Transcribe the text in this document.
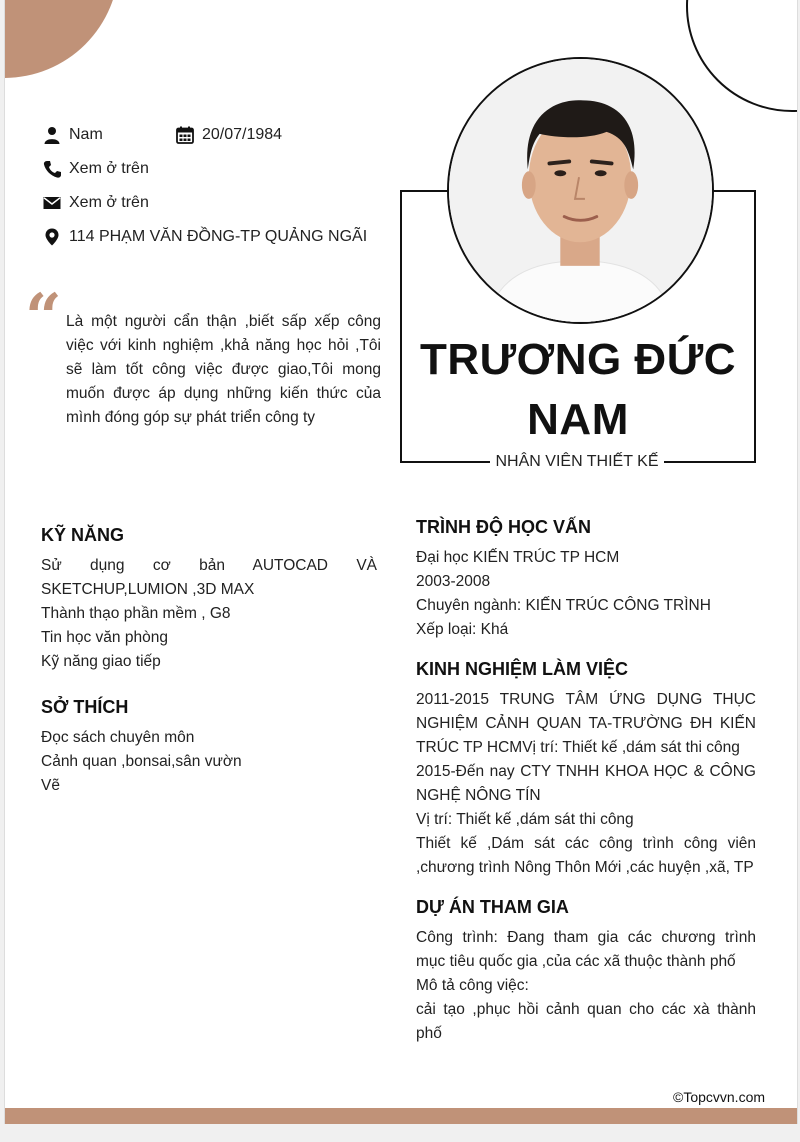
Nam	20/07/1984
Xem ở trên
Xem ở trên
114 PHẠM VĂN ĐỒNG-TP QUẢNG NGÃI
“ Là một người cẩn thận ,biết sấp xếp công việc với kinh nghiệm ,khả năng học hỏi ,Tôi sẽ làm tốt công việc được giao,Tôi mong muốn được áp dụng những kiến thức của mình đóng góp sự phát triển công ty
TRƯƠNG ĐỨC
NAM
NHÂN VIÊN THIẾT KẾ
KỸ NĂNG
Sử dụng cơ bản AUTOCAD VÀ
SKETCHUP,LUMION ,3D MAX
Thành thạo phần mềm , G8
Tin học văn phòng
Kỹ năng giao tiếp
SỞ THÍCH
Đọc sách chuyên môn
Cảnh quan ,bonsai,sân vườn
Vẽ
TRÌNH ĐỘ HỌC VẤN
Đại học KIẾN TRÚC TP HCM
2003-2008
Chuyên ngành: KIẾN TRÚC CÔNG TRÌNH
Xếp loại: Khá
KINH NGHIỆM LÀM VIỆC
2011-2015 TRUNG TÂM ỨNG DỤNG THỤC
NGHIỆM CẢNH QUAN TA-TRƯỜNG ĐH KIẾN
TRÚC TP HCMVị trí: Thiết kế ,dám sát thi công
2015-Đến nay CTY TNHH KHOA HỌC & CÔNG
NGHỆ NÔNG TÍN
Vị trí: Thiết kế ,dám sát thi công
Thiết kế ,Dám sát các công trình công viên
,chương trình Nông Thôn Mới ,các huyện ,xã, TP
DỰ ÁN THAM GIA
Công trình: Đang tham gia các chương trình
mục tiêu quốc gia ,của các xã thuộc thành phố
Mô tả công việc:
cải tạo ,phục hồi cảnh quan cho các xà thành
phố
©Topcvvn.com
